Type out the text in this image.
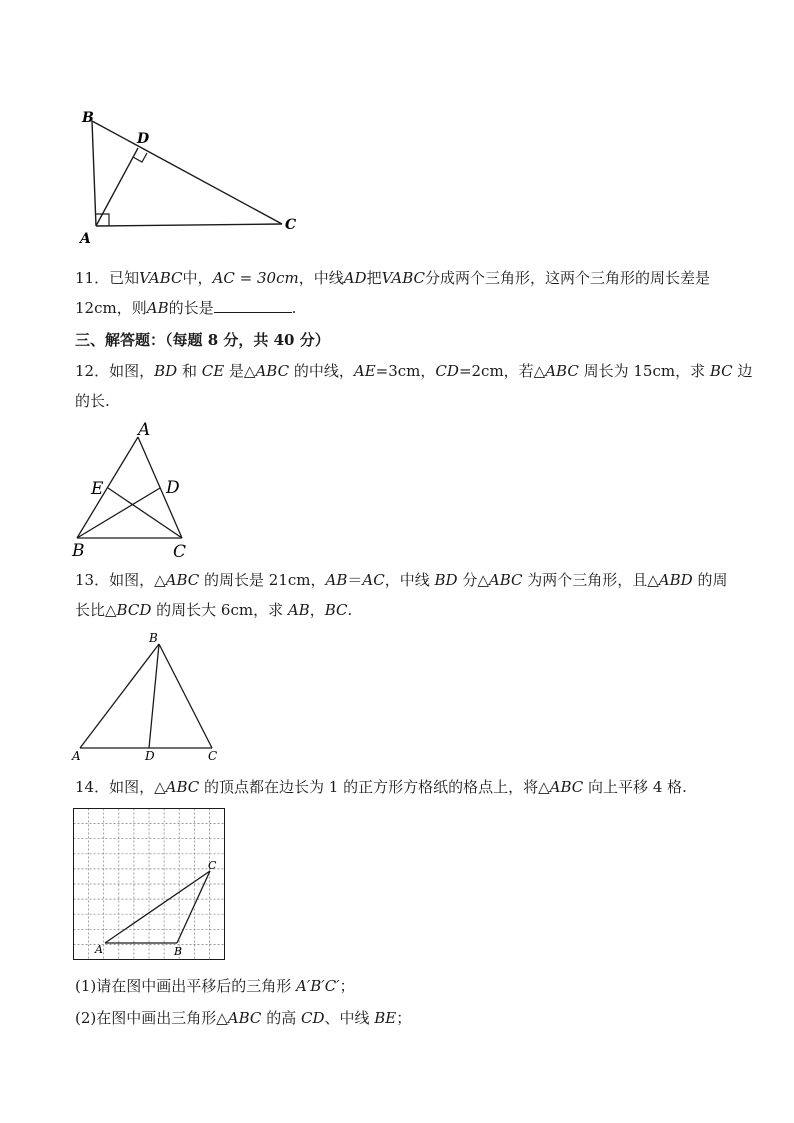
B
D
A
C
11．已知VABC中，AC = 30cm，中线AD把VABC分成两个三角形，这两个三角形的周长差是
12cm，则AB的长是	.
三、解答题：（每题 8 分，共 40 分）
12．如图，BD 和 CE 是△ABC 的中线，AE=3cm，CD=2cm，若△ABC 周长为 15cm，求 BC 边
的长.
A
E	D
B	C
13．如图，△ABC 的周长是 21cm，AB＝AC，中线 BD 分△ABC 为两个三角形，且△ABD 的周
长比△BCD 的周长大 6cm，求 AB，BC.
B
A	D	C
14．如图，△ABC 的顶点都在边长为 1 的正方形方格纸的格点上，将△ABC 向上平移 4 格.
A	B
C
(1)请在图中画出平移后的三角形 A′B′C′；
(2)在图中画出三角形△ABC 的高 CD、中线 BE；
